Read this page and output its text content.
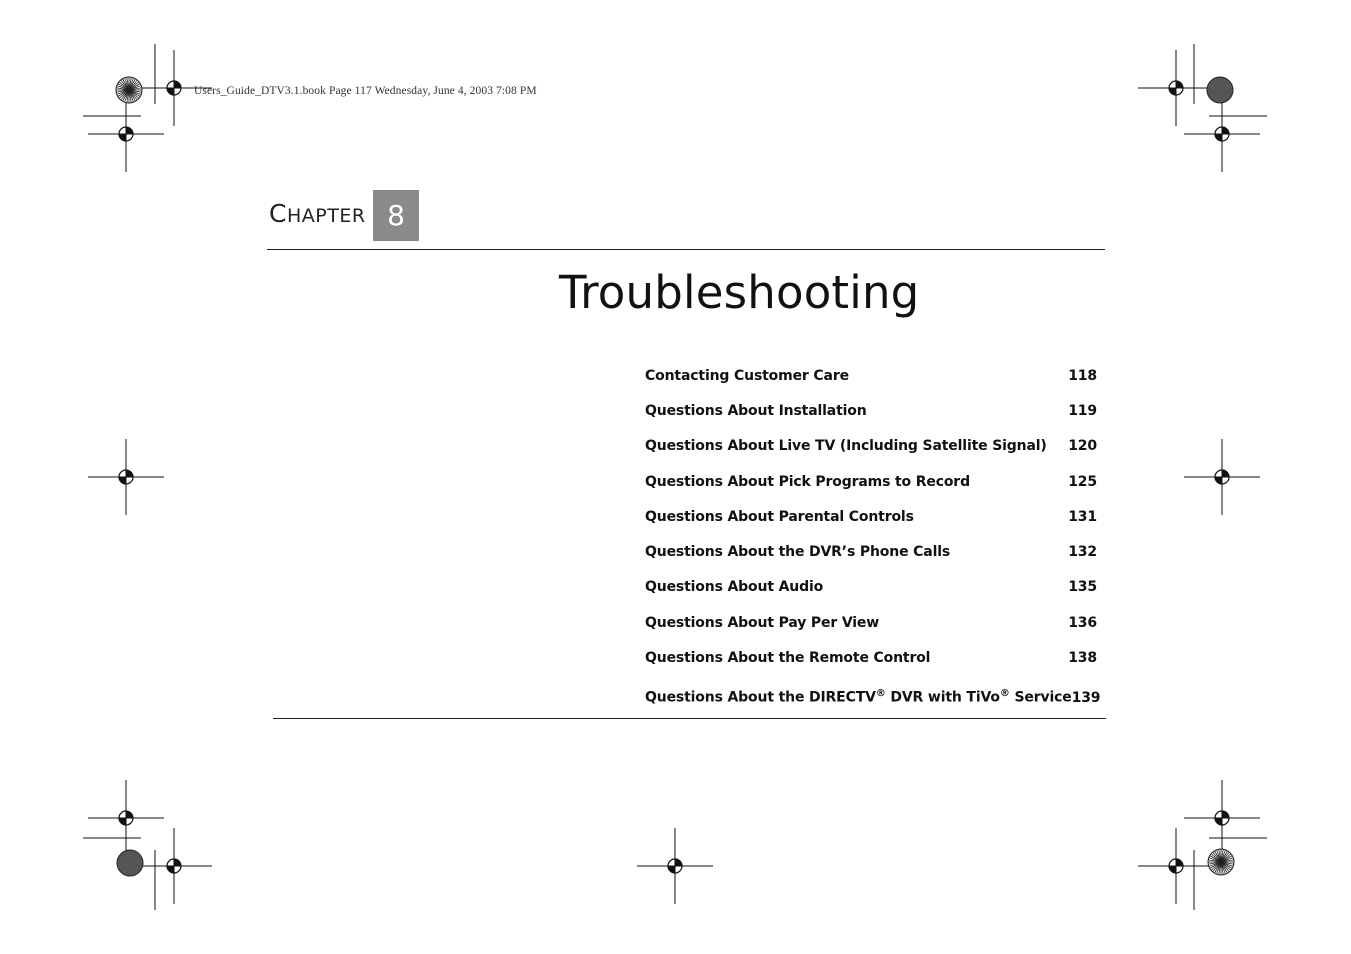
Users_Guide_DTV3.1.book Page 117 Wednesday, June 4, 2003 7:08 PM
CHAPTER 8
Troubleshooting
Contacting Customer Care	118
Questions About Installation	119
Questions About Live TV (Including Satellite Signal) 120
Questions About Pick Programs to Record	125
Questions About Parental Controls	131
Questions About the DVR’s Phone Calls	132
Questions About Audio	135
Questions About Pay Per View	136
Questions About the Remote Control	138
Questions About the DIRECTV® DVR with TiVo® Service 139
